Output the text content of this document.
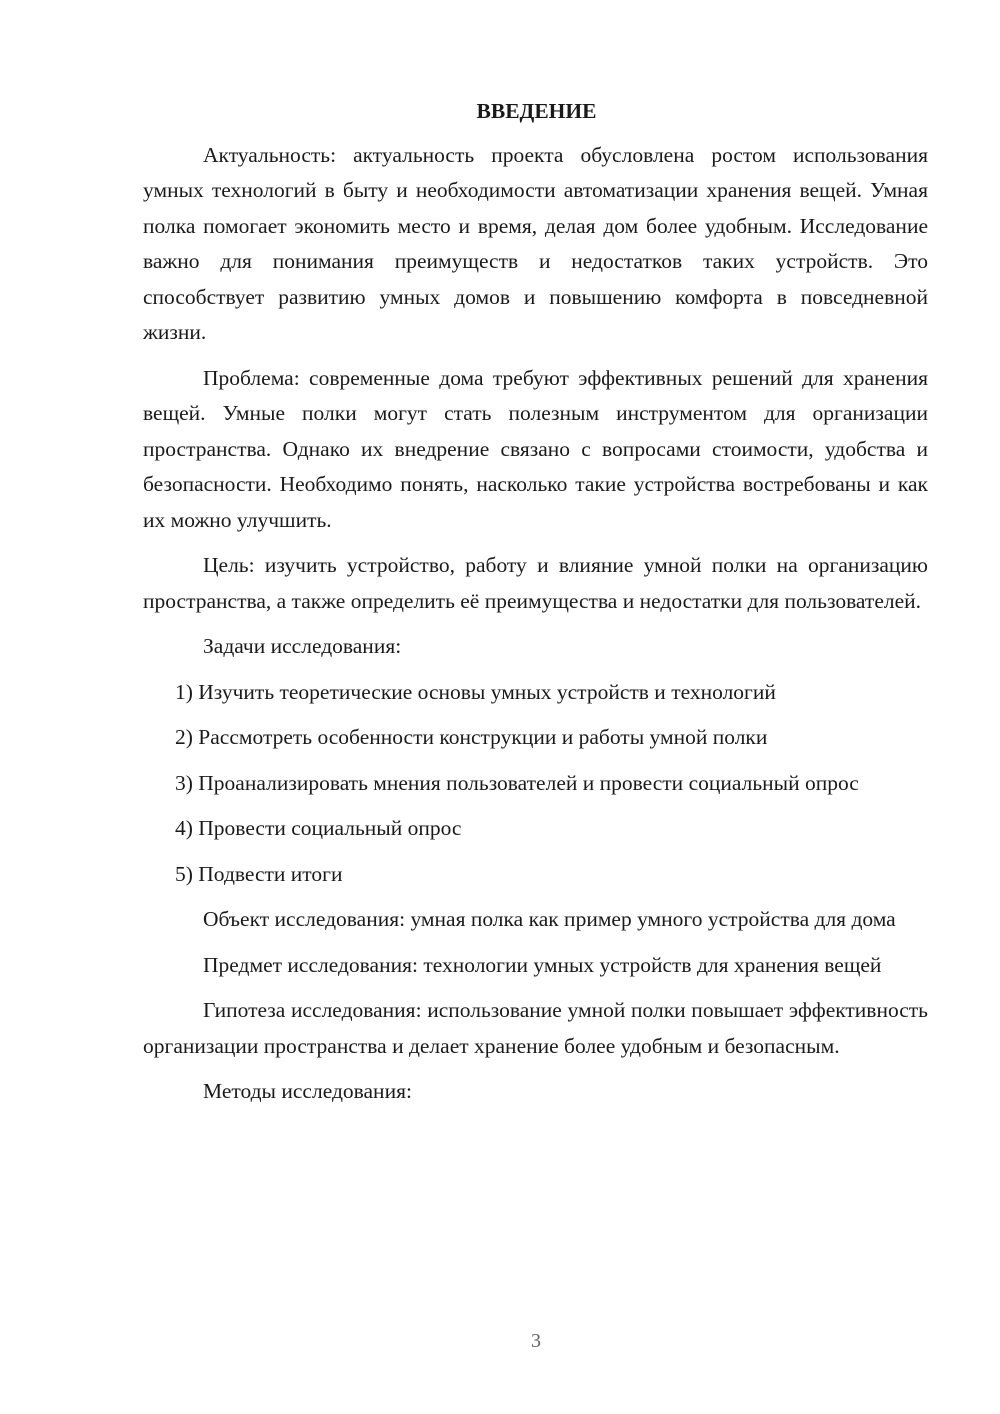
ВВЕДЕНИЕ

Актуальность: актуальность проекта обусловлена ростом использования умных технологий в быту и необходимости автоматизации хранения вещей. Умная полка помогает экономить место и время, делая дом более удобным. Исследование важно для понимания преимуществ и недостатков таких устройств. Это способствует развитию умных домов и повышению комфорта в повседневной жизни.

Проблема: современные дома требуют эффективных решений для хранения вещей. Умные полки могут стать полезным инструментом для организации пространства. Однако их внедрение связано с вопросами стоимости, удобства и безопасности. Необходимо понять, насколько такие устройства востребованы и как их можно улучшить.

Цель: изучить устройство, работу и влияние умной полки на организацию пространства, а также определить её преимущества и недостатки для пользователей.

Задачи исследования:

1) Изучить теоретические основы умных устройств и технологий

2) Рассмотреть особенности конструкции и работы умной полки

3) Проанализировать мнения пользователей и провести социальный опрос

4) Провести социальный опрос

5) Подвести итоги

Объект исследования: умная полка как пример умного устройства для дома

Предмет исследования: технологии умных устройств для хранения вещей

Гипотеза исследования: использование умной полки повышает эффективность организации пространства и делает хранение более удобным и безопасным.

Методы исследования:

3
